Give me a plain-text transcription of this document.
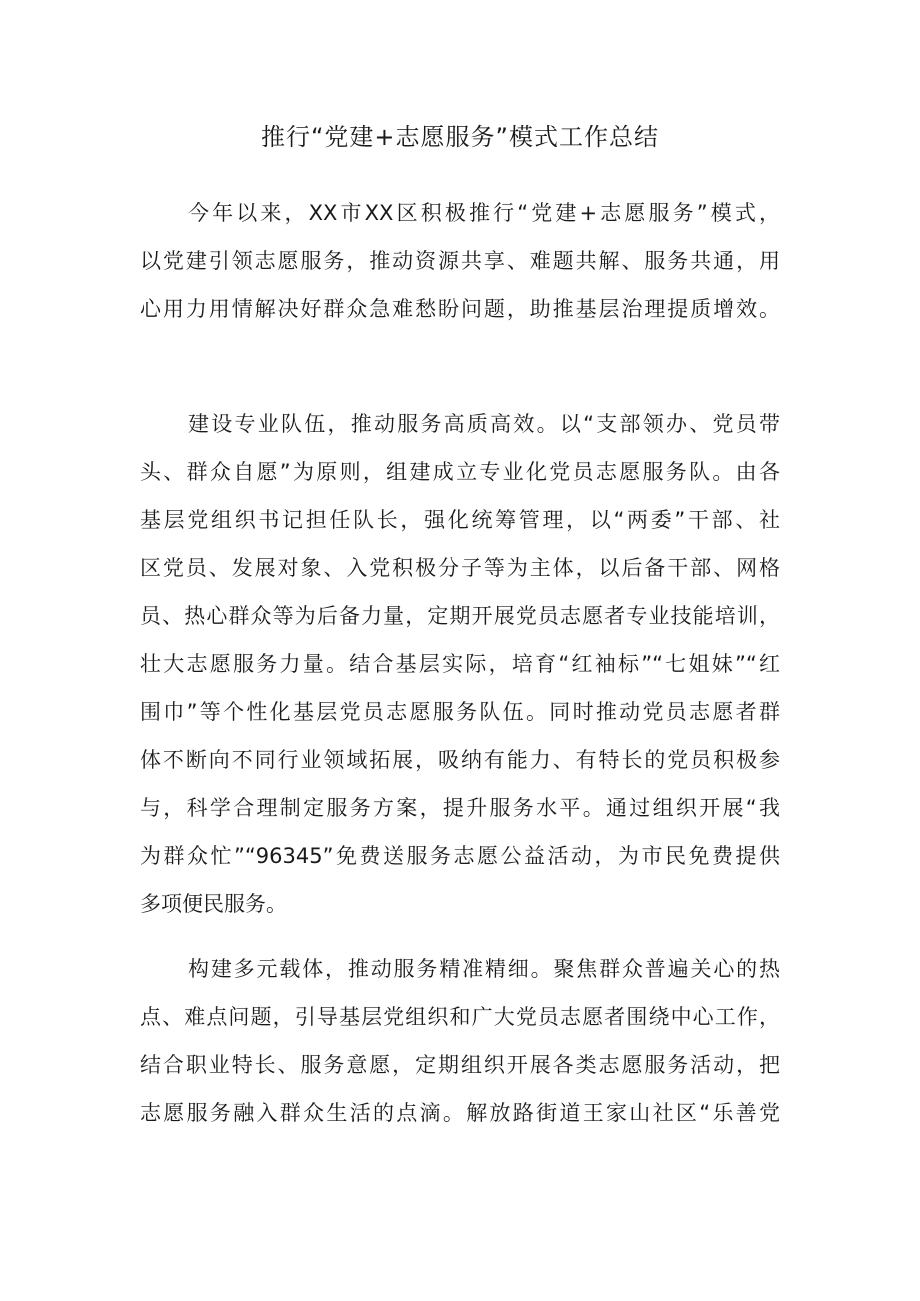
推行“党建+志愿服务”模式工作总结
今年以来，XX市XX区积极推行“党建+志愿服务”模式，
以党建引领志愿服务，推动资源共享、难题共解、服务共通，用
心用力用情解决好群众急难愁盼问题，助推基层治理提质增效。
建设专业队伍，推动服务高质高效。以“支部领办、党员带
头、群众自愿”为原则，组建成立专业化党员志愿服务队。由各
基层党组织书记担任队长，强化统筹管理，以“两委”干部、社
区党员、发展对象、入党积极分子等为主体，以后备干部、网格
员、热心群众等为后备力量，定期开展党员志愿者专业技能培训，
壮大志愿服务力量。结合基层实际，培育“红袖标”“七姐妹”“红
围巾”等个性化基层党员志愿服务队伍。同时推动党员志愿者群
体不断向不同行业领域拓展，吸纳有能力、有特长的党员积极参
与，科学合理制定服务方案，提升服务水平。通过组织开展“我
为群众忙”“96345”免费送服务志愿公益活动，为市民免费提供
多项便民服务。
构建多元载体，推动服务精准精细。聚焦群众普遍关心的热
点、难点问题，引导基层党组织和广大党员志愿者围绕中心工作，
结合职业特长、服务意愿，定期组织开展各类志愿服务活动，把
志愿服务融入群众生活的点滴。解放路街道王家山社区“乐善党
